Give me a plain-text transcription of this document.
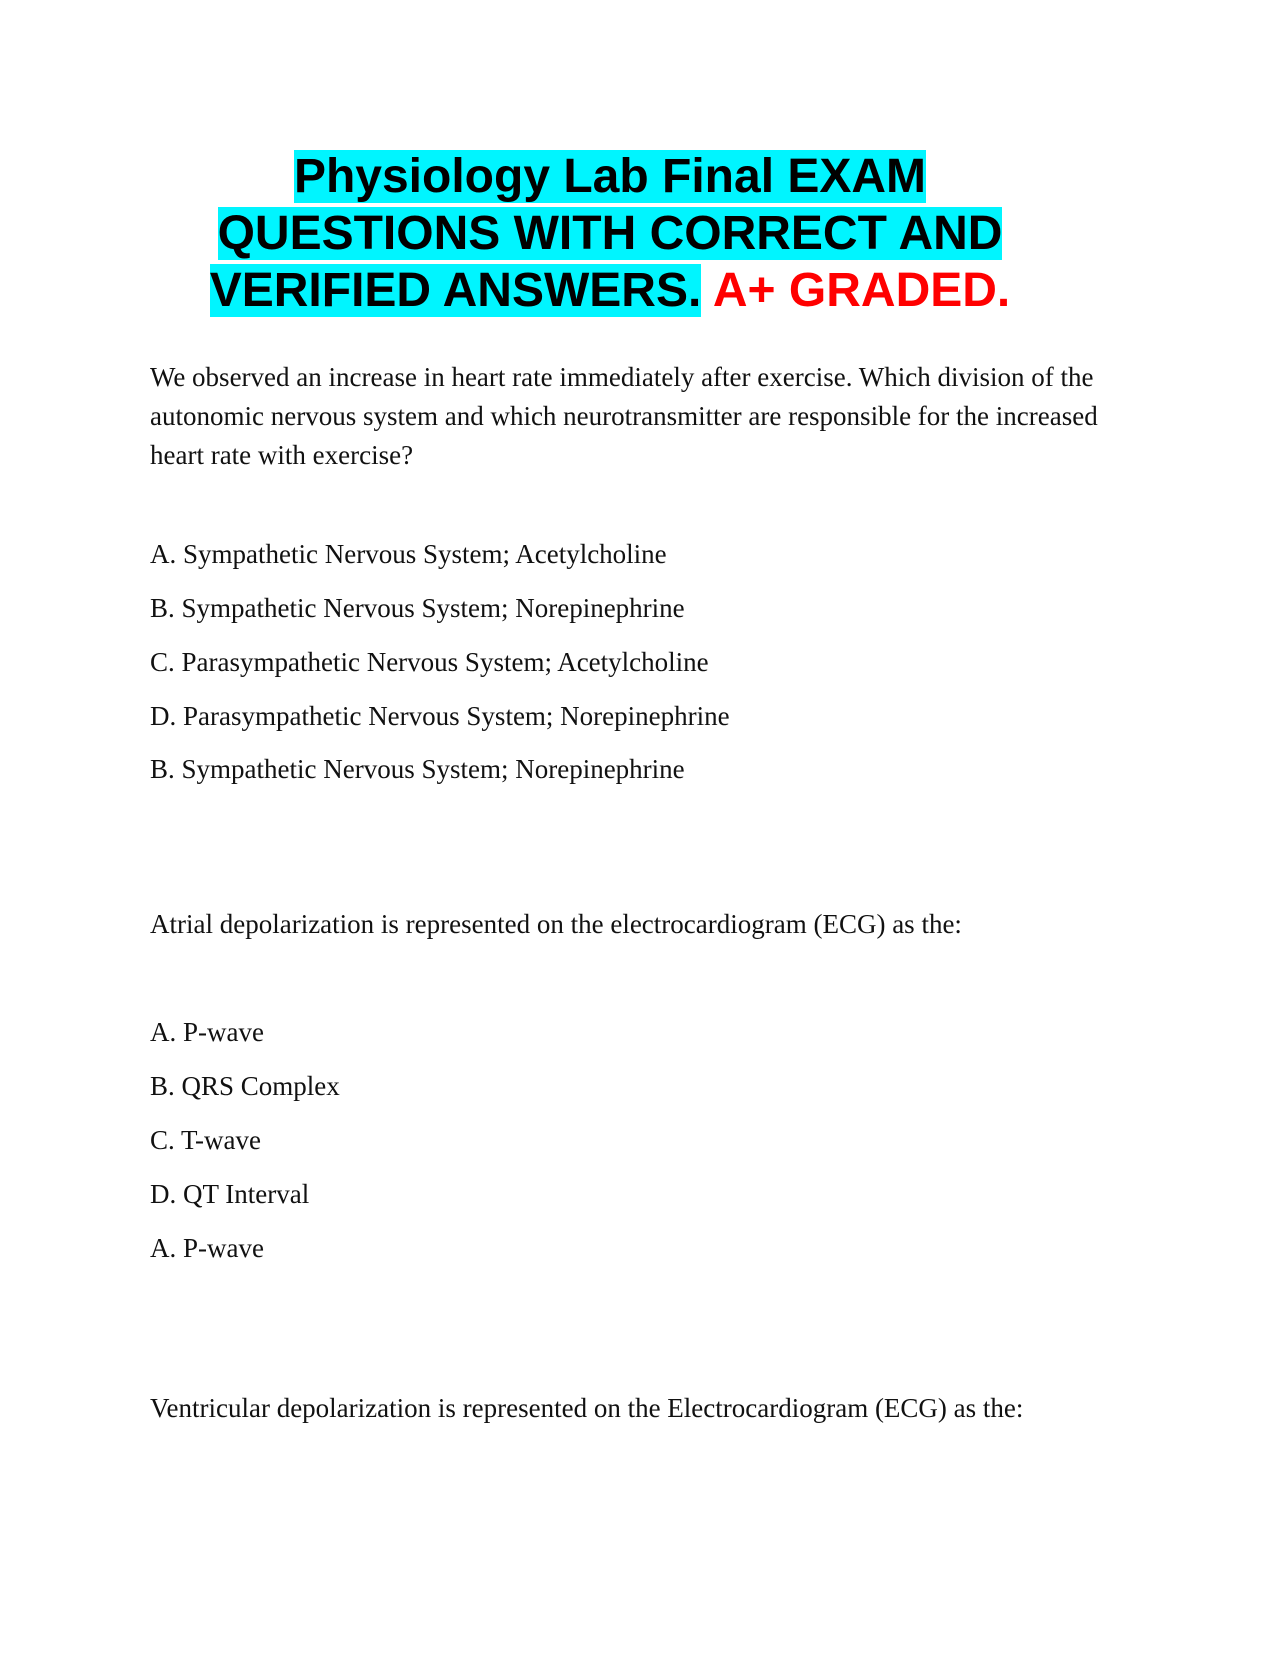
Physiology Lab Final EXAM
QUESTIONS WITH CORRECT AND
VERIFIED ANSWERS. A+ GRADED.

We observed an increase in heart rate immediately after exercise. Which division of the autonomic nervous system and which neurotransmitter are responsible for the increased heart rate with exercise?

A. Sympathetic Nervous System; Acetylcholine

B. Sympathetic Nervous System; Norepinephrine

C. Parasympathetic Nervous System; Acetylcholine

D. Parasympathetic Nervous System; Norepinephrine

B. Sympathetic Nervous System; Norepinephrine

Atrial depolarization is represented on the electrocardiogram (ECG) as the:

A. P-wave

B. QRS Complex

C. T-wave

D. QT Interval

A. P-wave

Ventricular depolarization is represented on the Electrocardiogram (ECG) as the:
